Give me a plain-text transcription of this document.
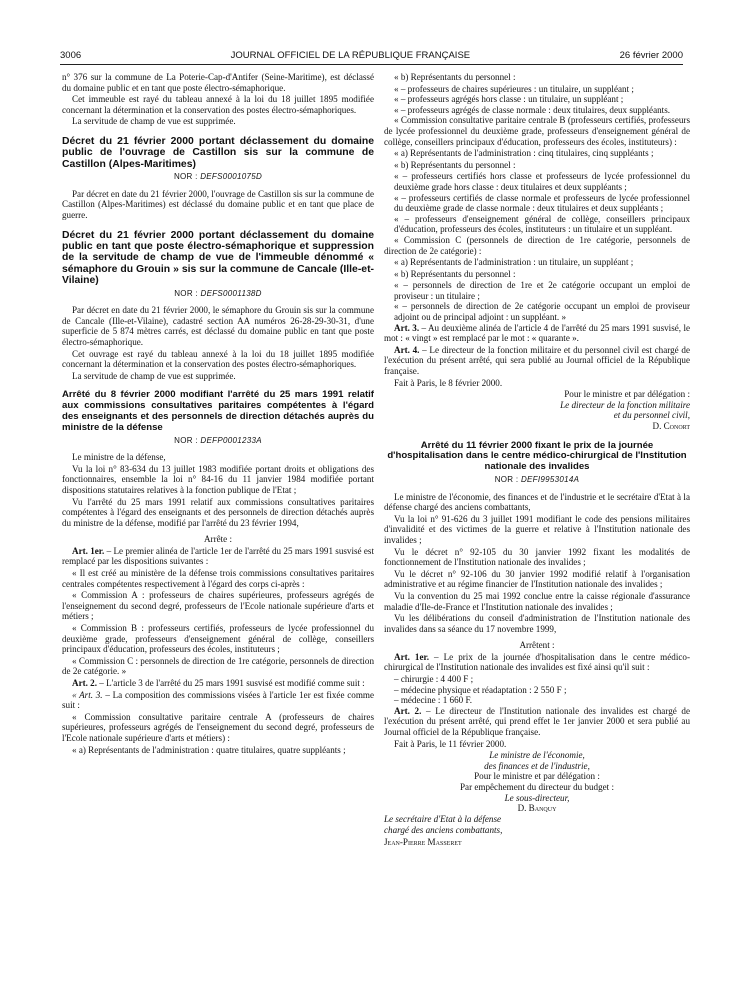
3006	JOURNAL OFFICIEL DE LA RÉPUBLIQUE FRANÇAISE	26 février 2000

n° 376 sur la commune de La Poterie-Cap-d'Antifer (Seine-Maritime), est déclassé du domaine public et en tant que poste électro-sémaphorique.

Cet immeuble est rayé du tableau annexé à la loi du 18 juillet 1895 modifiée concernant la détermination et la conservation des postes électro-sémaphoriques.

La servitude de champ de vue est supprimée.

Décret du 21 février 2000 portant déclassement du domaine public de l'ouvrage de Castillon sis sur la commune de Castillon (Alpes-Maritimes)
NOR : DEFS0001075D

Par décret en date du 21 février 2000, l'ouvrage de Castillon sis sur la commune de Castillon (Alpes-Maritimes) est déclassé du domaine public et en tant que place de guerre.

Décret du 21 février 2000 portant déclassement du domaine public en tant que poste électro-sémaphorique et suppression de la servitude de champ de vue de l'immeuble dénommé « sémaphore du Grouin » sis sur la commune de Cancale (Ille-et-Vilaine)
NOR : DEFS0001138D

Par décret en date du 21 février 2000, le sémaphore du Grouin sis sur la commune de Cancale (Ille-et-Vilaine), cadastré section AA numéros 26-28-29-30-31, d'une superficie de 5 874 mètres carrés, est déclassé du domaine public en tant que poste électro-sémaphorique.

Cet ouvrage est rayé du tableau annexé à la loi du 18 juillet 1895 modifiée concernant la détermination et la conservation des postes électro-sémaphoriques.

La servitude de champ de vue est supprimée.

Arrêté du 8 février 2000 modifiant l'arrêté du 25 mars 1991 relatif aux commissions consultatives paritaires compétentes à l'égard des enseignants et des personnels de direction détachés auprès du ministre de la défense
NOR : DEFP0001233A

Le ministre de la défense,

Vu la loi n° 83-634 du 13 juillet 1983 modifiée portant droits et obligations des fonctionnaires, ensemble la loi n° 84-16 du 11 janvier 1984 modifiée portant dispositions statutaires relatives à la fonction publique de l'Etat ;

Vu l'arrêté du 25 mars 1991 relatif aux commissions consultatives paritaires compétentes à l'égard des enseignants et des personnels de direction détachés auprès du ministre de la défense, modifié par l'arrêté du 23 février 1994,

Arrête :

Art. 1er. – Le premier alinéa de l'article 1er de l'arrêté du 25 mars 1991 susvisé est remplacé par les dispositions suivantes :

« Il est créé au ministère de la défense trois commissions consultatives paritaires centrales compétentes respectivement à l'égard des corps ci-après :

« Commission A : professeurs de chaires supérieures, professeurs agrégés de l'enseignement du second degré, professeurs de l'Ecole nationale supérieure d'arts et métiers ;

« Commission B : professeurs certifiés, professeurs de lycée professionnel du deuxième grade, professeurs d'enseignement général de collège, conseillers principaux d'éducation, professeurs des écoles, instituteurs ;

« Commission C : personnels de direction de 1re catégorie, personnels de direction de 2e catégorie. »

Art. 2. – L'article 3 de l'arrêté du 25 mars 1991 susvisé est modifié comme suit :

« Art. 3. – La composition des commissions visées à l'article 1er est fixée comme suit :

« Commission consultative paritaire centrale A (professeurs de chaires supérieures, professeurs agrégés de l'enseignement du second degré, professeurs de l'Ecole nationale supérieure d'arts et métiers) :

« a) Représentants de l'administration : quatre titulaires, quatre suppléants ;

« b) Représentants du personnel :

« – professeurs de chaires supérieures : un titulaire, un suppléant ;

« – professeurs agrégés hors classe : un titulaire, un suppléant ;

« – professeurs agrégés de classe normale : deux titulaires, deux suppléants.

« Commission consultative paritaire centrale B (professeurs certifiés, professeurs de lycée professionnel du deuxième grade, professeurs d'enseignement général de collège, conseillers principaux d'éducation, professeurs des écoles, instituteurs) :

« a) Représentants de l'administration : cinq titulaires, cinq suppléants ;

« b) Représentants du personnel :

« – professeurs certifiés hors classe et professeurs de lycée professionnel du deuxième grade hors classe : deux titulaires et deux suppléants ;

« – professeurs certifiés de classe normale et professeurs de lycée professionnel du deuxième grade de classe normale : deux titulaires et deux suppléants ;

« – professeurs d'enseignement général de collège, conseillers principaux d'éducation, professeurs des écoles, instituteurs : un titulaire et un suppléant.

« Commission C (personnels de direction de 1re catégorie, personnels de direction de 2e catégorie) :

« a) Représentants de l'administration : un titulaire, un suppléant ;

« b) Représentants du personnel :

« – personnels de direction de 1re et 2e catégorie occupant un emploi de proviseur : un titulaire ;

« – personnels de direction de 2e catégorie occupant un emploi de proviseur adjoint ou de principal adjoint : un suppléant. »

Art. 3. – Au deuxième alinéa de l'article 4 de l'arrêté du 25 mars 1991 susvisé, le mot : « vingt » est remplacé par le mot : « quarante ».

Art. 4. – Le directeur de la fonction militaire et du personnel civil est chargé de l'exécution du présent arrêté, qui sera publié au Journal officiel de la République française.

Fait à Paris, le 8 février 2000.

Pour le ministre et par délégation :

Le directeur de la fonction militaire

et du personnel civil,

D. Conort

Arrêté du 11 février 2000 fixant le prix de la journée d'hospitalisation dans le centre médico-chirurgical de l'Institution nationale des invalides
NOR : DEFI9953014A

Le ministre de l'économie, des finances et de l'industrie et le secrétaire d'Etat à la défense chargé des anciens combattants,

Vu la loi n° 91-626 du 3 juillet 1991 modifiant le code des pensions militaires d'invalidité et des victimes de la guerre et relative à l'Institution nationale des invalides ;

Vu le décret n° 92-105 du 30 janvier 1992 fixant les modalités de fonctionnement de l'Institution nationale des invalides ;

Vu le décret n° 92-106 du 30 janvier 1992 modifié relatif à l'organisation administrative et au régime financier de l'Institution nationale des invalides ;

Vu la convention du 25 mai 1992 conclue entre la caisse régionale d'assurance maladie d'Ile-de-France et l'Institution nationale des invalides ;

Vu les délibérations du conseil d'administration de l'Institution nationale des invalides dans sa séance du 17 novembre 1999,

Arrêtent :

Art. 1er. – Le prix de la journée d'hospitalisation dans le centre médico-chirurgical de l'Institution nationale des invalides est fixé ainsi qu'il suit :

– chirurgie : 4 400 F ;

– médecine physique et réadaptation : 2 550 F ;

– médecine : 1 660 F.

Art. 2. – Le directeur de l'Institution nationale des invalides est chargé de l'exécution du présent arrêté, qui prend effet le 1er janvier 2000 et sera publié au Journal officiel de la République française.

Fait à Paris, le 11 février 2000.

Le ministre de l'économie,

des finances et de l'industrie,

Pour le ministre et par délégation :

Par empêchement du directeur du budget :

Le sous-directeur,

D. Banquy

Le secrétaire d'Etat à la défense

chargé des anciens combattants,

Jean-Pierre Masseret
